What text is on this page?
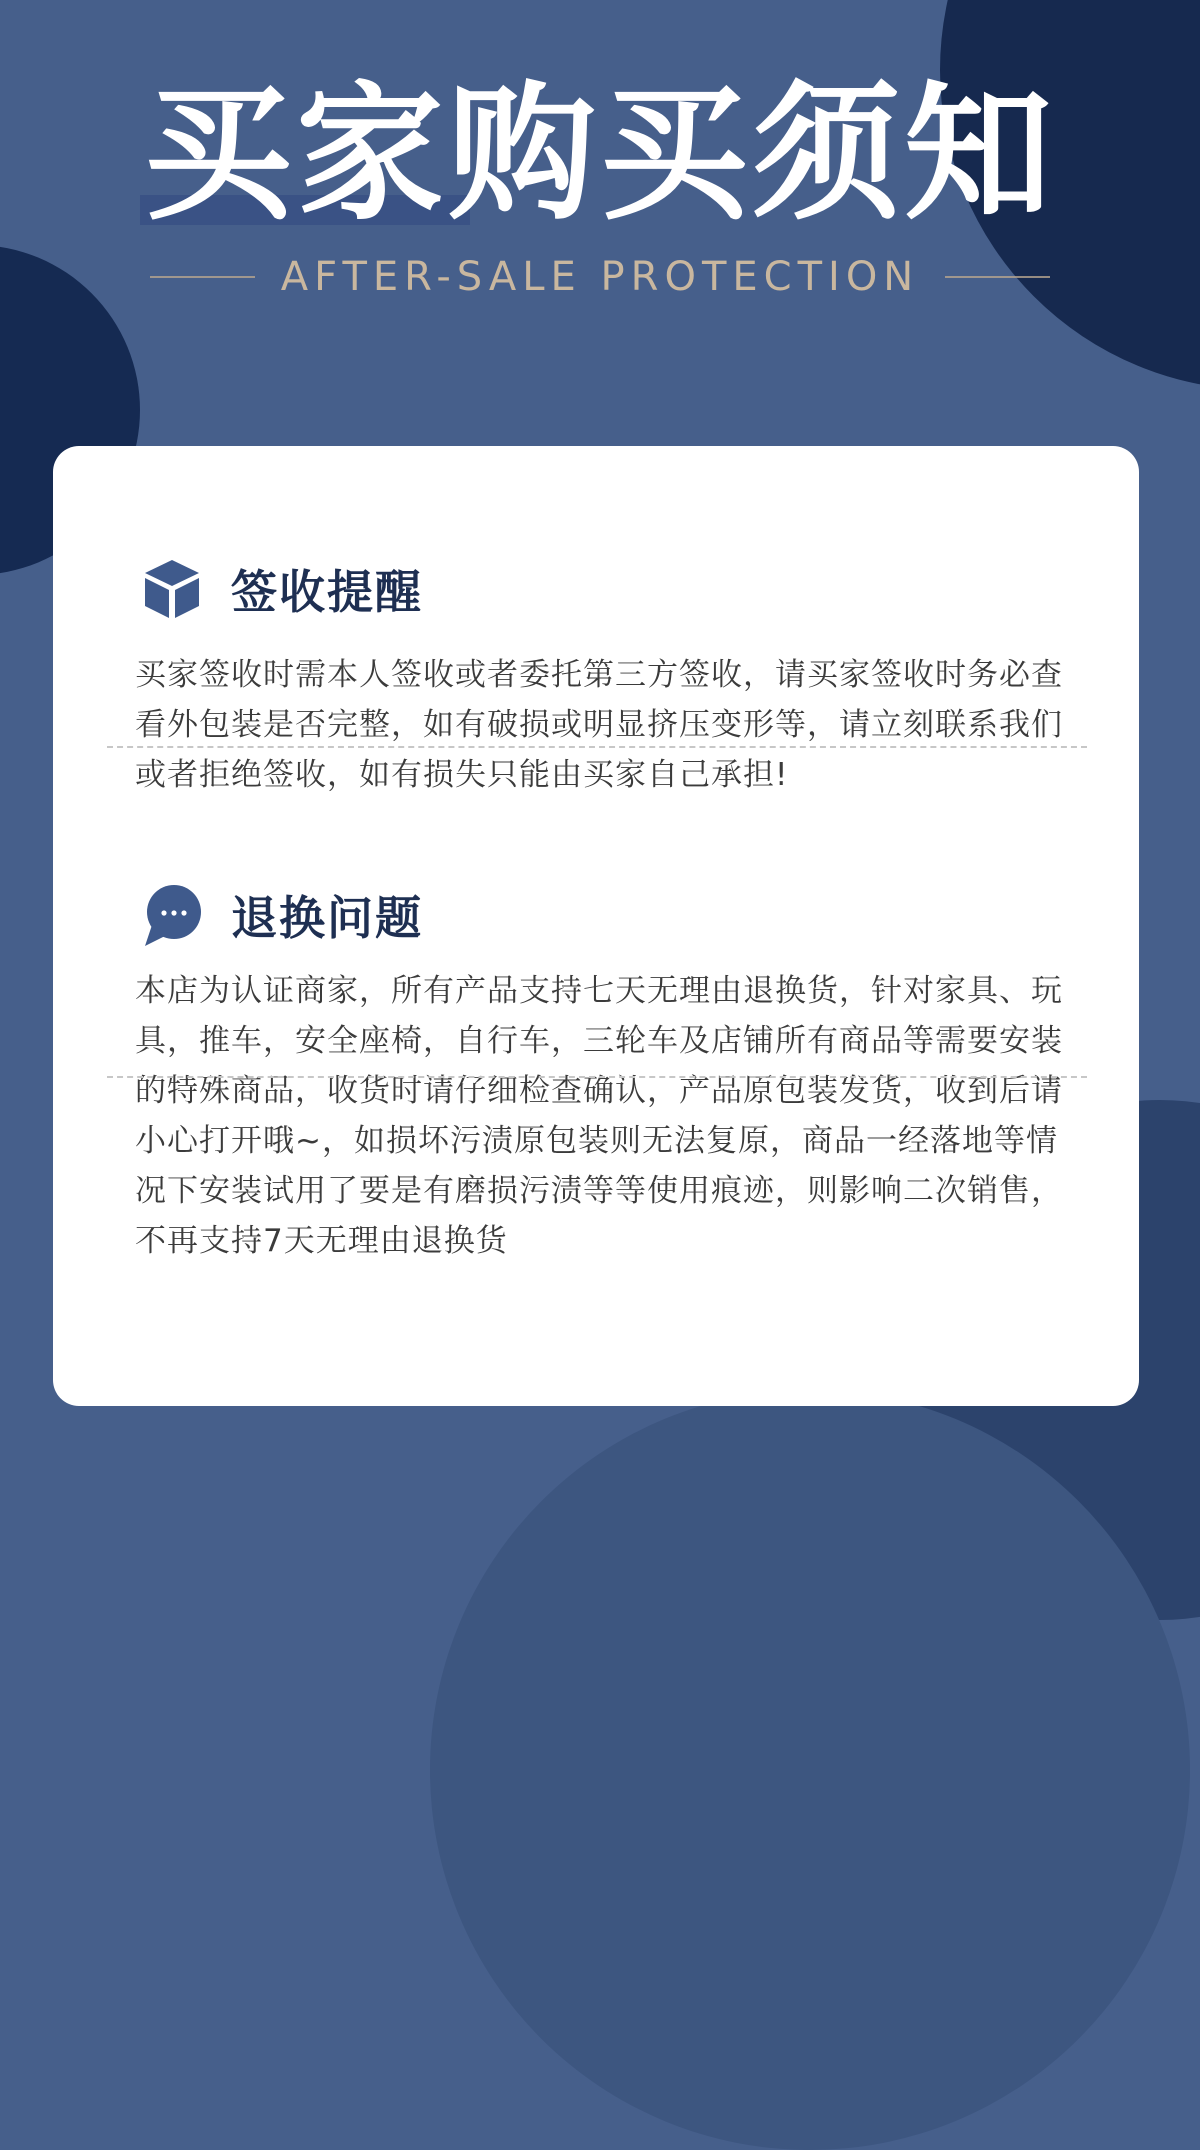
买家购买须知
AFTER-SALE PROTECTION
签收提醒

买家签收时需本人签收或者委托第三方签收，请买家签收时务必查看外包装是否完整，如有破损或明显挤压变形等，请立刻联系我们或者拒绝签收，如有损失只能由买家自己承担!

退换问题

本店为认证商家，所有产品支持七天无理由退换货，针对家具、玩具，推车，安全座椅，自行车，三轮车及店铺所有商品等需要安装的特殊商品，收货时请仔细检查确认，产品原包装发货，收到后请小心打开哦~，如损坏污渍原包装则无法复原，商品一经落地等情况下安装试用了要是有磨损污渍等等使用痕迹，则影响二次销售，不再支持7天无理由退换货
